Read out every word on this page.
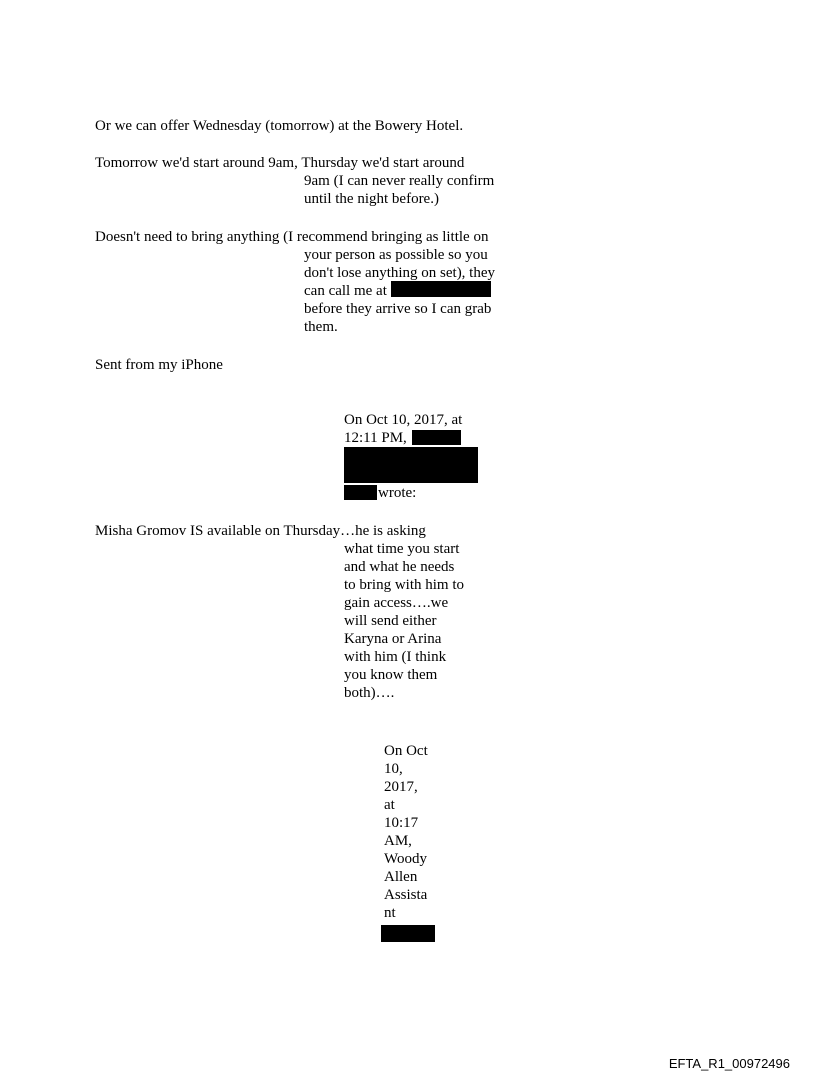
Or we can offer Wednesday (tomorrow) at the Bowery Hotel.
Tomorrow we'd start around 9am, Thursday we'd start around
9am (I can never really confirm
until the night before.)
Doesn't need to bring anything (I recommend bringing as little on
your person as possible so you
don't lose anything on set), they
can call me at
before they arrive so I can grab
them.
Sent from my iPhone
On Oct 10, 2017, at
12:11 PM,
wrote:
Misha Gromov IS available on Thursday…he is asking
what time you start
and what he needs
to bring with him to
gain access….we
will send either
Karyna or Arina
with him (I think
you know them
both)….
On Oct
10,
2017,
at
10:17
AM,
Woody
Allen
Assista
nt
EFTA_R1_00972496
